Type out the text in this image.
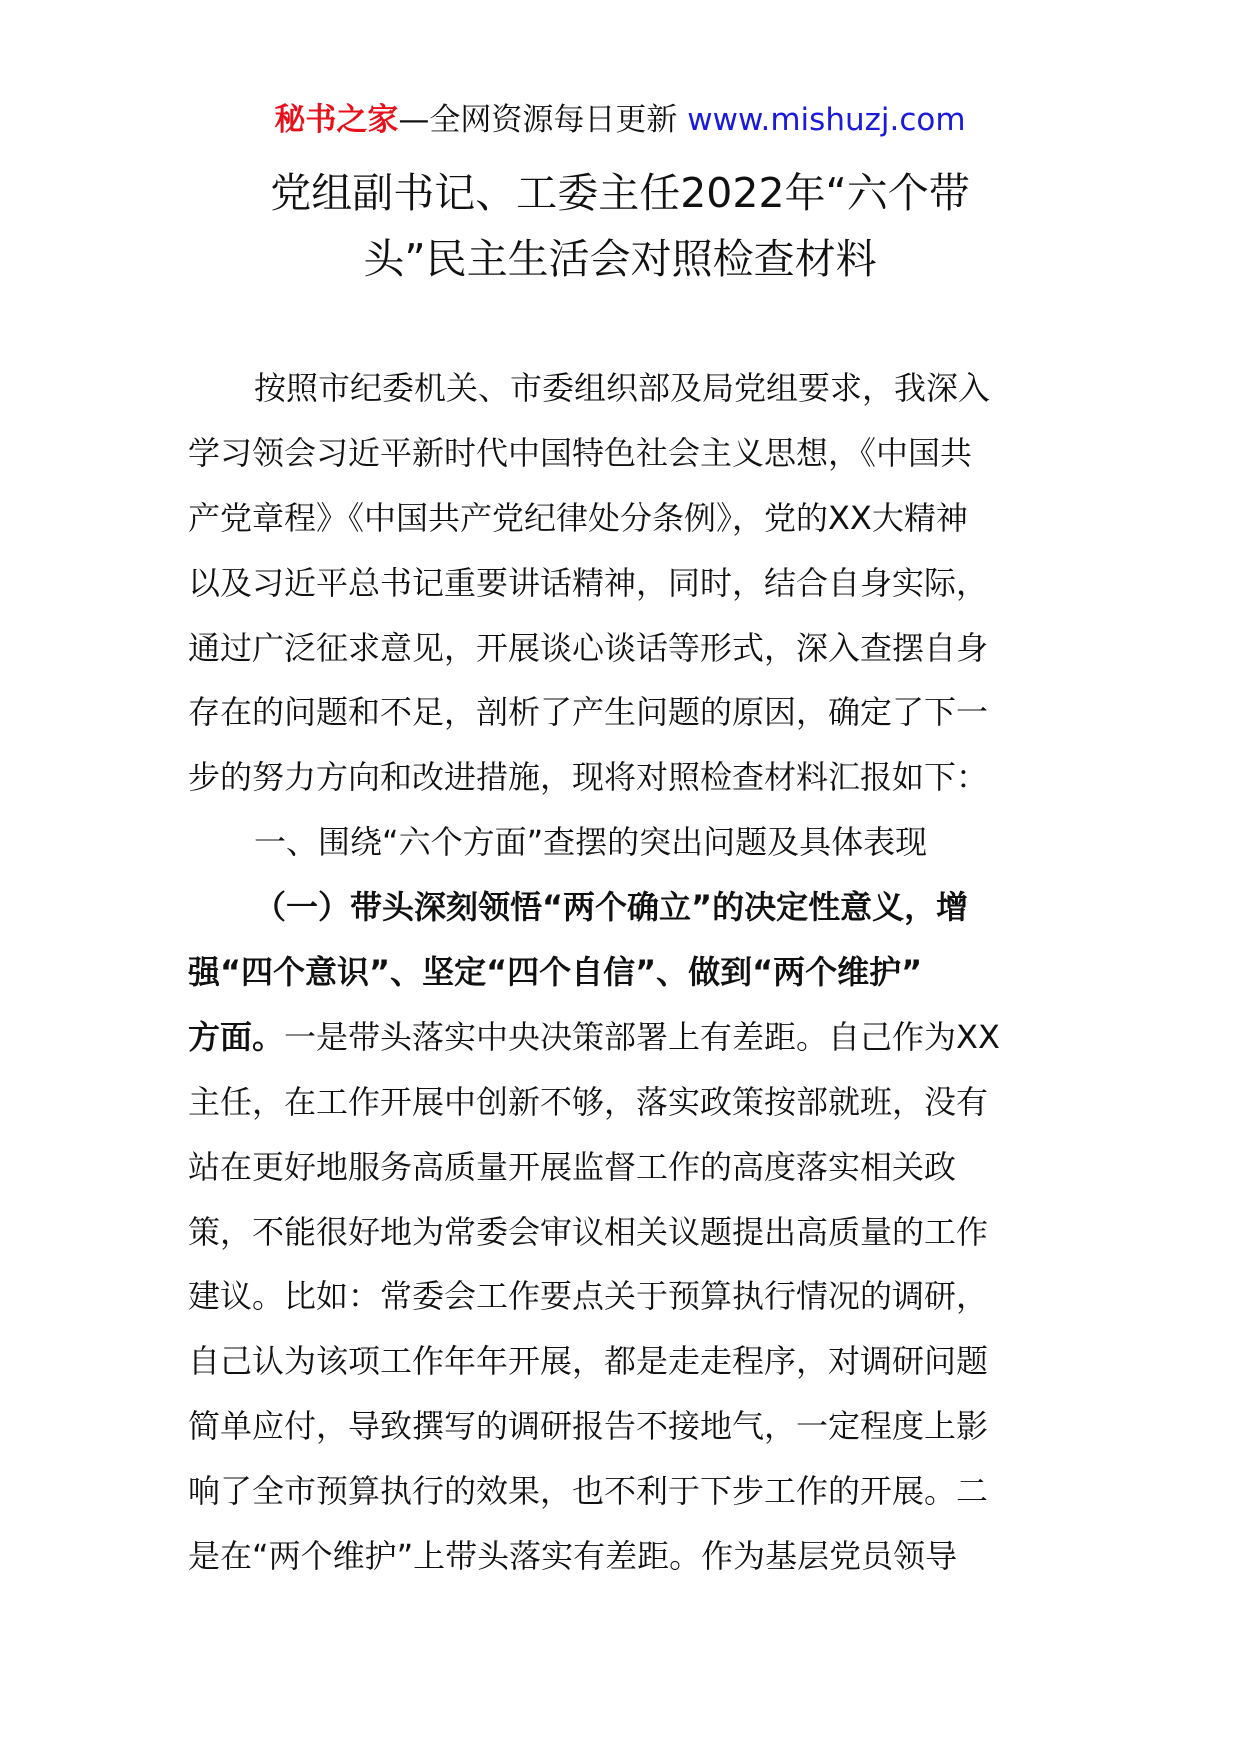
秘书之家—全网资源每日更新 www.mishuzj.com
党组副书记、工委主任2022年“六个带
头”民主生活会对照检查材料
按照市纪委机关、市委组织部及局党组要求，我深入
学习领会习近平新时代中国特色社会主义思想，《中国共
产党章程》《中国共产党纪律处分条例》，党的XX大精神
以及习近平总书记重要讲话精神，同时，结合自身实际，
通过广泛征求意见，开展谈心谈话等形式，深入查摆自身
存在的问题和不足，剖析了产生问题的原因，确定了下一
步的努力方向和改进措施，现将对照检查材料汇报如下：
一、围绕“六个方面”查摆的突出问题及具体表现
（一）带头深刻领悟“两个确立”的决定性意义，增
强“四个意识”、坚定“四个自信”、做到“两个维护”
方面。一是带头落实中央决策部署上有差距。自己作为XX
主任，在工作开展中创新不够，落实政策按部就班，没有
站在更好地服务高质量开展监督工作的高度落实相关政
策，不能很好地为常委会审议相关议题提出高质量的工作
建议。比如：常委会工作要点关于预算执行情况的调研，
自己认为该项工作年年开展，都是走走程序，对调研问题
简单应付，导致撰写的调研报告不接地气，一定程度上影
响了全市预算执行的效果，也不利于下步工作的开展。二
是在“两个维护”上带头落实有差距。作为基层党员领导
